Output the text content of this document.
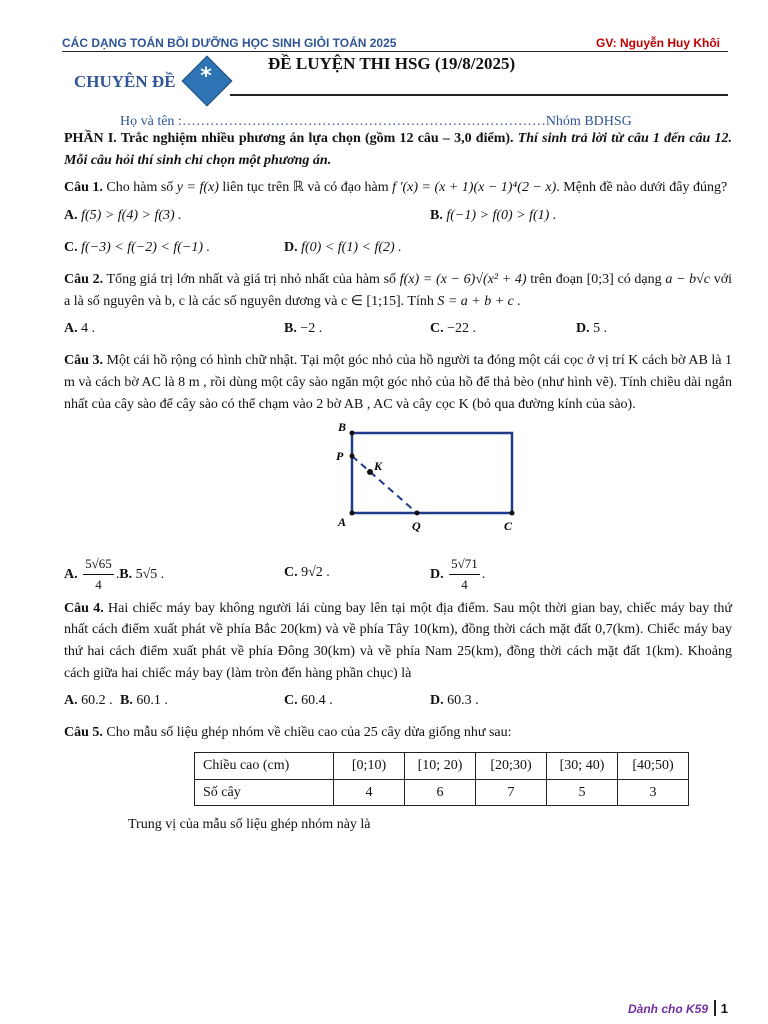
CÁC DẠNG TOÁN BỒI DƯỠNG HỌC SINH GIỎI TOÁN 2025	GV: Nguyễn Huy Khôi
CHUYÊN ĐỀ	*
ĐỀ LUYỆN THI HSG (19/8/2025)
Họ và tên :……………………………………………………………………Nhóm BDHSG

PHẦN I. Trắc nghiệm nhiều phương án lựa chọn (gồm 12 câu – 3,0 điểm). Thí sinh trả lời từ câu 1 đến câu 12. Mỗi câu hỏi thí sinh chỉ chọn một phương án.

Câu 1. Cho hàm số y = f(x) liên tục trên ℝ và có đạo hàm f '(x) = (x + 1)(x − 1)⁴(2 − x). Mệnh đề nào dưới đây đúng?

A. f(5) > f(4) > f(3) .	B. f(−1) > f(0) > f(1) .
C. f(−3) < f(−2) < f(−1) .	D. f(0) < f(1) < f(2) .

Câu 2. Tổng giá trị lớn nhất và giá trị nhỏ nhất của hàm số f(x) = (x − 6)√(x² + 4) trên đoạn [0;3] có dạng a − b√c với a là số nguyên và b, c là các số nguyên dương và c ∈ [1;15]. Tính S = a + b + c .

A. 4 .	B. −2 .	C. −22 .	D. 5 .

Câu 3. Một cái hồ rộng có hình chữ nhật. Tại một góc nhỏ của hồ người ta đóng một cái cọc ở vị trí K cách bờ AB là 1 m và cách bờ AC là 8 m , rồi dùng một cây sào ngăn một góc nhỏ của hồ để thả bèo (như hình vẽ). Tính chiều dài ngắn nhất của cây sào để cây sào có thể chạm vào 2 bờ AB , AC và cây cọc K (bỏ qua đường kính của sào).

B
P
K
A	Q	C
A. $\frac{5√65}{4} .B$. 5√5 .	C. 9√2 .	D. $\frac{5√71}{4}$ .

Câu 4. Hai chiếc máy bay không người lái cùng bay lên tại một địa điểm. Sau một thời gian bay, chiếc máy bay thứ nhất cách điểm xuất phát về phía Bắc 20(km) và về phía Tây 10(km), đồng thời cách mặt đất 0,7(km). Chiếc máy bay thứ hai cách điểm xuất phát về phía Đông 30(km) và về phía Nam 25(km), đồng thời cách mặt đất 1(km). Khoảng cách giữa hai chiếc máy bay (làm tròn đến hàng phần chục) là

A. 60.2 . B. 60.1 .	C. 60.4 .	D. 60.3 .

Câu 5. Cho mẫu số liệu ghép nhóm về chiều cao của 25 cây dừa giống như sau:

Chiều cao (cm)	[0;10)	[10; 20)	[20;30)	[30; 40)	[40;50)
Số cây	4	6	7	5	3

Trung vị của mẫu số liệu ghép nhóm này là

Dành cho K59 1
